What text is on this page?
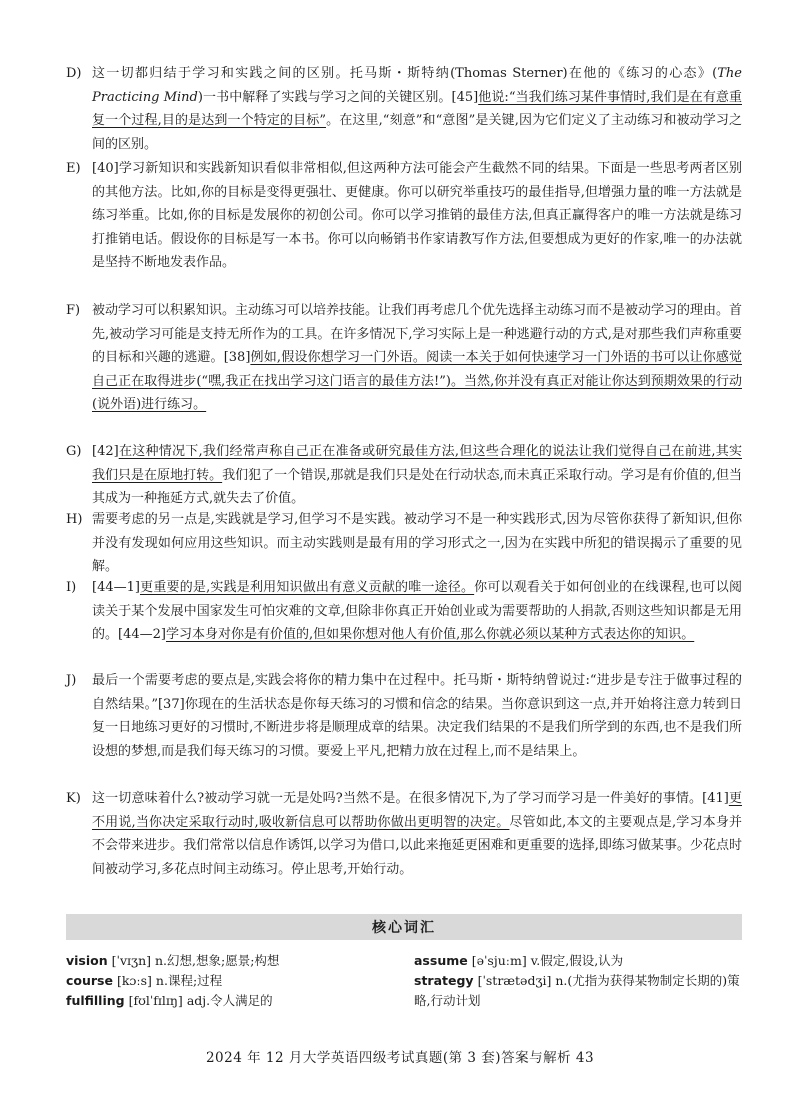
D) 这一切都归结于学习和实践之间的区别。托马斯・斯特纳(Thomas Sterner)在他的《练习的心态》(The Practicing Mind)一书中解释了实践与学习之间的关键区别。[45]他说:“当我们练习某件事情时,我们是在有意重复一个过程,目的是达到一个特定的目标”。在这里,“刻意”和“意图”是关键,因为它们定义了主动练习和被动学习之间的区别。
E) [40]学习新知识和实践新知识看似非常相似,但这两种方法可能会产生截然不同的结果。下面是一些思考两者区别的其他方法。比如,你的目标是变得更强壮、更健康。你可以研究举重技巧的最佳指导,但增强力量的唯一方法就是练习举重。比如,你的目标是发展你的初创公司。你可以学习推销的最佳方法,但真正赢得客户的唯一方法就是练习打推销电话。假设你的目标是写一本书。你可以向畅销书作家请教写作方法,但要想成为更好的作家,唯一的办法就是坚持不断地发表作品。
F) 被动学习可以积累知识。主动练习可以培养技能。让我们再考虑几个优先选择主动练习而不是被动学习的理由。首先,被动学习可能是支持无所作为的工具。在许多情况下,学习实际上是一种逃避行动的方式,是对那些我们声称重要的目标和兴趣的逃避。[38]例如,假设你想学习一门外语。阅读一本关于如何快速学习一门外语的书可以让你感觉自己正在取得进步(“嘿,我正在找出学习这门语言的最佳方法!”)。当然,你并没有真正对能让你达到预期效果的行动(说外语)进行练习。
G) [42]在这种情况下,我们经常声称自己正在准备或研究最佳方法,但这些合理化的说法让我们觉得自己在前进,其实我们只是在原地打转。我们犯了一个错误,那就是我们只是处在行动状态,而未真正采取行动。学习是有价值的,但当其成为一种拖延方式,就失去了价值。
H) 需要考虑的另一点是,实践就是学习,但学习不是实践。被动学习不是一种实践形式,因为尽管你获得了新知识,但你并没有发现如何应用这些知识。而主动实践则是最有用的学习形式之一,因为在实践中所犯的错误揭示了重要的见解。
I) [44—1]更重要的是,实践是利用知识做出有意义贡献的唯一途径。你可以观看关于如何创业的在线课程,也可以阅读关于某个发展中国家发生可怕灾难的文章,但除非你真正开始创业或为需要帮助的人捐款,否则这些知识都是无用的。[44—2]学习本身对你是有价值的,但如果你想对他人有价值,那么你就必须以某种方式表达你的知识。
J) 最后一个需要考虑的要点是,实践会将你的精力集中在过程中。托马斯・斯特纳曾说过:“进步是专注于做事过程的自然结果。”[37]你现在的生活状态是你每天练习的习惯和信念的结果。当你意识到这一点,并开始将注意力转到日复一日地练习更好的习惯时,不断进步将是顺理成章的结果。决定我们结果的不是我们所学到的东西,也不是我们所设想的梦想,而是我们每天练习的习惯。要爱上平凡,把精力放在过程上,而不是结果上。
K) 这一切意味着什么?被动学习就一无是处吗?当然不是。在很多情况下,为了学习而学习是一件美好的事情。[41]更不用说,当你决定采取行动时,吸收新信息可以帮助你做出更明智的决定。尽管如此,本文的主要观点是,学习本身并不会带来进步。我们常常以信息作诱饵,以学习为借口,以此来拖延更困难和更重要的选择,即练习做某事。少花点时间被动学习,多花点时间主动练习。停止思考,开始行动。
核心词汇
vision [ˈvɪʒn] n.幻想,想象;愿景;构想
course [kɔːs] n.课程;过程
fulfilling [fʊlˈfɪlɪŋ] adj.令人满足的
assume [əˈsjuːm] v.假定,假设,认为
strategy [ˈstrætədʒi] n.(尤指为获得某物制定长期的)策略,行动计划
2024 年 12 月大学英语四级考试真题(第 3 套)答案与解析 43
